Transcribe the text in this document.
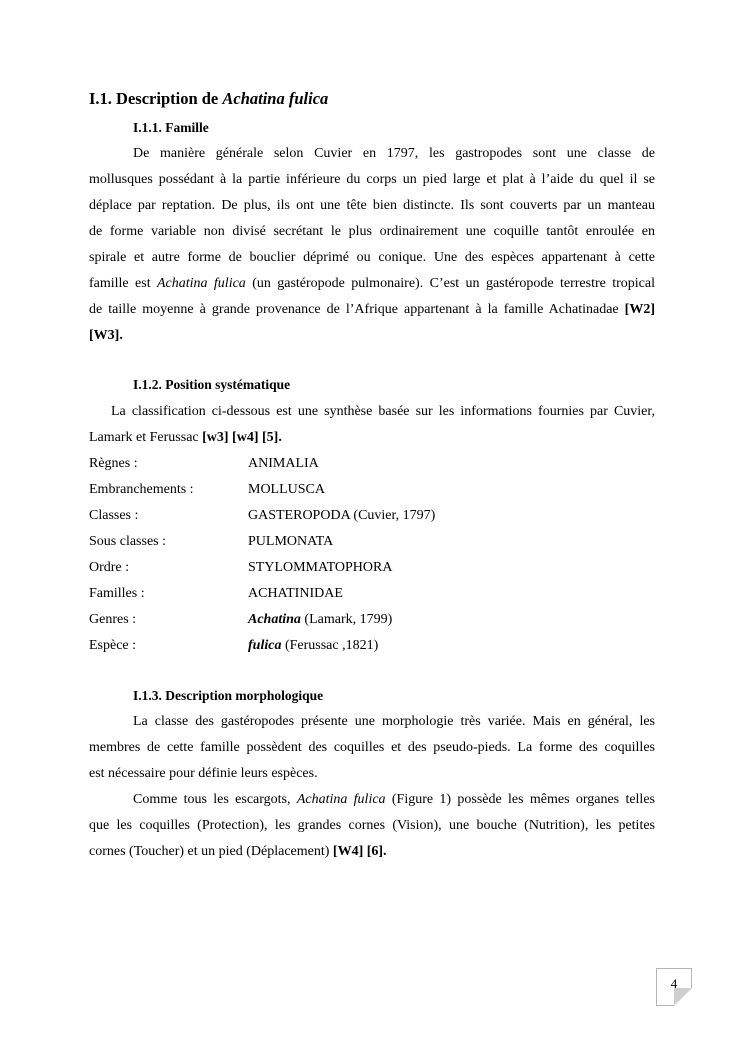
I.1. Description de Achatina fulica
I.1.1. Famille
De manière générale selon Cuvier en 1797, les gastropodes sont une classe de
mollusques possédant à la partie inférieure du corps un pied large et plat à l’aide du quel il se
déplace par reptation. De plus, ils ont une tête bien distincte. Ils sont couverts par un manteau
de forme variable non divisé secrétant le plus ordinairement une coquille tantôt enroulée en
spirale et autre forme de bouclier déprimé ou conique. Une des espèces appartenant à cette
famille est Achatina fulica (un gastéropode pulmonaire). C’est un gastéropode terrestre tropical
de taille moyenne à grande provenance de l’Afrique appartenant à la famille Achatinadae [W2]
[W3].
I.1.2. Position systématique
La classification ci-dessous est une synthèse basée sur les informations fournies par Cuvier,
Lamark et Ferussac [w3] [w4] [5].
Règnes :	ANIMALIA
Embranchements :	MOLLUSCA
Classes :	GASTEROPODA (Cuvier, 1797)
Sous classes :	PULMONATA
Ordre :	STYLOMMATOPHORA
Familles :	ACHATINIDAE
Genres :	Achatina (Lamark, 1799)
Espèce :	fulica (Ferussac ,1821)
I.1.3. Description morphologique
La classe des gastéropodes présente une morphologie très variée. Mais en général, les
membres de cette famille possèdent des coquilles et des pseudo-pieds. La forme des coquilles
est nécessaire pour définie leurs espèces.
Comme tous les escargots, Achatina fulica (Figure 1) possède les mêmes organes telles
que les coquilles (Protection), les grandes cornes (Vision), une bouche (Nutrition), les petites
cornes (Toucher) et un pied (Déplacement) [W4] [6].
4
